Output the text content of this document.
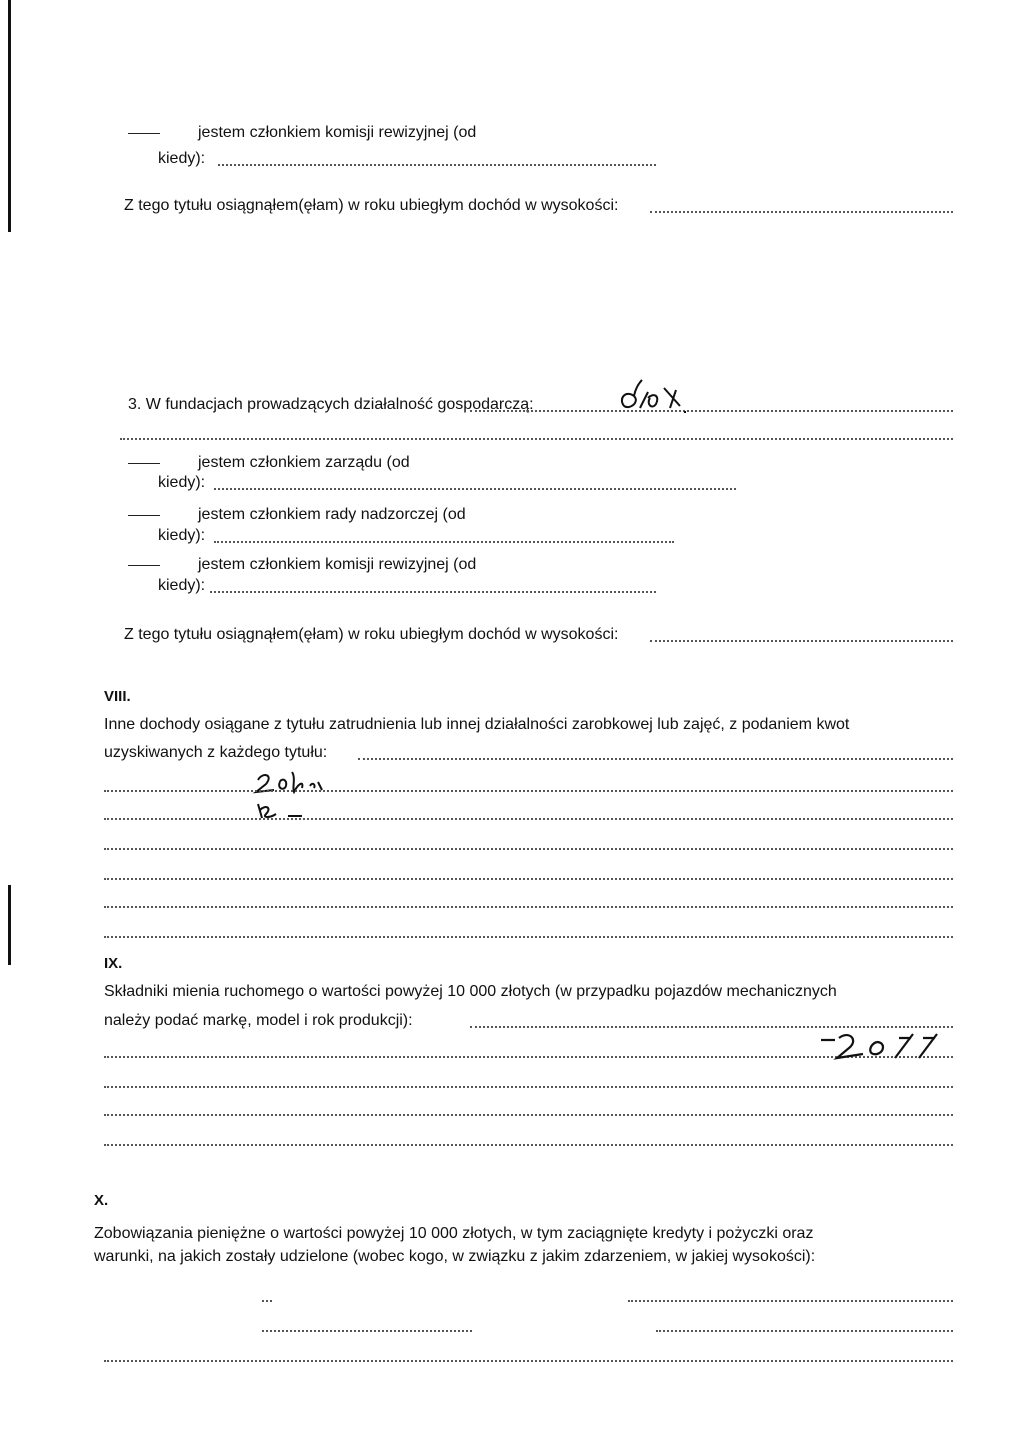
jestem członkiem komisji rewizyjnej (od
kiedy):
Z tego tytułu osiągnąłem(ęłam) w roku ubiegłym dochód w wysokości:
3. W fundacjach prowadzących działalność gospodarczą:
jestem członkiem zarządu (od
kiedy):
jestem członkiem rady nadzorczej (od
kiedy):
jestem członkiem komisji rewizyjnej (od
kiedy):
Z tego tytułu osiągnąłem(ęłam) w roku ubiegłym dochód w wysokości:
VIII.
Inne dochody osiągane z tytułu zatrudnienia lub innej działalności zarobkowej lub zajęć, z podaniem kwot
uzyskiwanych z każdego tytułu:
IX.
Składniki mienia ruchomego o wartości powyżej 10 000 złotych (w przypadku pojazdów mechanicznych
należy podać markę, model i rok produkcji):
X.
Zobowiązania pieniężne o wartości powyżej 10 000 złotych, w tym zaciągnięte kredyty i pożyczki oraz
warunki, na jakich zostały udzielone (wobec kogo, w związku z jakim zdarzeniem, w jakiej wysokości):
